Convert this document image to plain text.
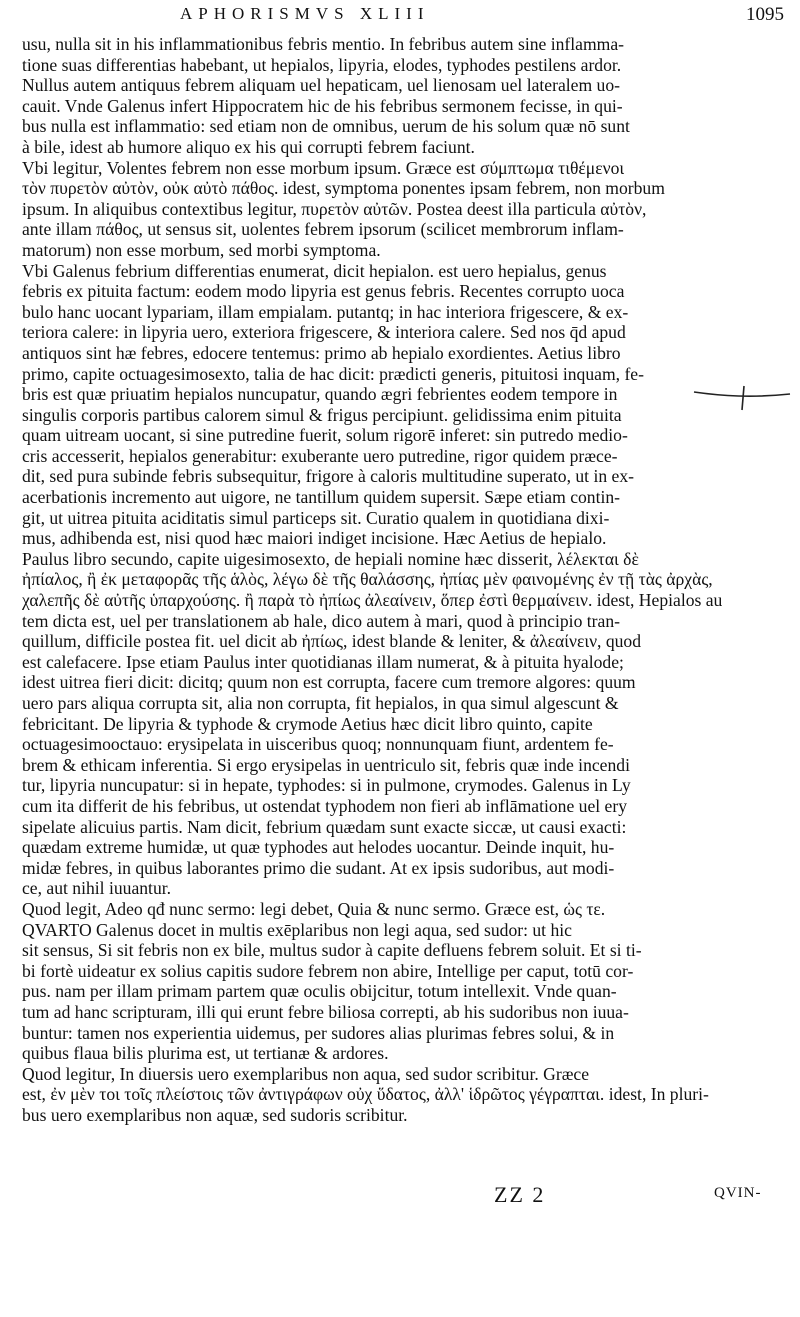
APHORISMVS XLIII	1095
usu, nulla sit in his inflammationibus febris mentio. In febribus autem sine inflamma-
tione suas differentias habebant, ut hepialos, lipyria, elodes, typhodes pestilens ardor.
Nullus autem antiquus febrem aliquam uel hepaticam, uel lienosam uel lateralem uo-
cauit. Vnde Galenus infert Hippocratem hic de his febribus sermonem fecisse, in qui-
bus nulla est inflammatio: sed etiam non de omnibus, uerum de his solum quæ nō sunt
à bile, idest ab humore aliquo ex his qui corrupti febrem faciunt.
Vbi legitur, Volentes febrem non esse morbum ipsum. Græce est σύμπτωμα τιθέμενοι
τὸν πυρετὸν αὐτὸν, οὐκ αὐτὸ πάθος. idest, symptoma ponentes ipsam febrem, non morbum
ipsum. In aliquibus contextibus legitur, πυρετὸν αὐτῶν. Postea deest illa particula αὐτὸν,
ante illam πάθος, ut sensus sit, uolentes febrem ipsorum (scilicet membrorum inflam-
matorum) non esse morbum, sed morbi symptoma.
Vbi Galenus febrium differentias enumerat, dicit hepialon. est uero hepialus, genus
febris ex pituita factum: eodem modo lipyria est genus febris. Recentes corrupto uoca
bulo hanc uocant lypariam, illam empialam. putantq; in hac interiora frigescere, & ex-
teriora calere: in lipyria uero, exteriora frigescere, & interiora calere. Sed nos q̄d apud
antiquos sint hæ febres, edocere tentemus: primo ab hepialo exordientes. Aetius libro
primo, capite octuagesimosexto, talia de hac dicit: prædicti generis, pituitosi inquam, fe-
bris est quæ priuatim hepialos nuncupatur, quando ægri febrientes eodem tempore in
singulis corporis partibus calorem simul & frigus percipiunt. gelidissima enim pituita
quam uitream uocant, si sine putredine fuerit, solum rigorē inferet: sin putredo medio-
cris accesserit, hepialos generabitur: exuberante uero putredine, rigor quidem præce-
dit, sed pura subinde febris subsequitur, frigore à caloris multitudine superato, ut in ex-
acerbationis incremento aut uigore, ne tantillum quidem supersit. Sæpe etiam contin-
git, ut uitrea pituita aciditatis simul particeps sit. Curatio qualem in quotidiana dixi-
mus, adhibenda est, nisi quod hæc maiori indiget incisione. Hæc Aetius de hepialo.
Paulus libro secundo, capite uigesimosexto, de hepiali nomine hæc disserit, λέλεκται δὲ
ἠπίαλος, ἢ ἐκ μεταφορᾶς τῆς ἁλὸς, λέγω δὲ τῆς θαλάσσης, ἠπίας μὲν φαινομένης ἐν τῇ τὰς ἀρχὰς,
χαλεπῆς δὲ αὐτῆς ὑπαρχούσης. ἢ παρὰ τὸ ἠπίως ἀλεαίνειν, ὅπερ ἐστὶ θερμαίνειν. idest, Hepialos au
tem dicta est, uel per translationem ab hale, dico autem à mari, quod à principio tran-
quillum, difficile postea fit. uel dicit ab ἠπίως, idest blande & leniter, & ἀλεαίνειν, quod
est calefacere. Ipse etiam Paulus inter quotidianas illam numerat, & à pituita hyalode;
idest uitrea fieri dicit: dicitq; quum non est corrupta, facere cum tremore algores: quum
uero pars aliqua corrupta sit, alia non corrupta, fit hepialos, in qua simul algescunt &
febricitant. De lipyria & typhode & crymode Aetius hæc dicit libro quinto, capite
octuagesimooctauo: erysipelata in uisceribus quoq; nonnunquam fiunt, ardentem fe-
brem & ethicam inferentia. Si ergo erysipelas in uentriculo sit, febris quæ inde incendi
tur, lipyria nuncupatur: si in hepate, typhodes: si in pulmone, crymodes. Galenus in Ly
cum ita differit de his febribus, ut ostendat typhodem non fieri ab inflāmatione uel ery
sipelate alicuius partis. Nam dicit, febrium quædam sunt exacte siccæ, ut causi exacti:
quædam extreme humidæ, ut quæ typhodes aut helodes uocantur. Deinde inquit, hu-
midæ febres, in quibus laborantes primo die sudant. At ex ipsis sudoribus, aut modi-
ce, aut nihil iuuantur.
Quod legit, Adeo qđ nunc sermo: legi debet, Quia & nunc sermo. Græce est, ὡς τε.
QVARTO Galenus docet in multis exēplaribus non legi aqua, sed sudor: ut hic
sit sensus, Si sit febris non ex bile, multus sudor à capite defluens febrem soluit. Et si ti-
bi fortè uideatur ex solius capitis sudore febrem non abire, Intellige per caput, totū cor-
pus. nam per illam primam partem quæ oculis obijcitur, totum intellexit. Vnde quan-
tum ad hanc scripturam, illi qui erunt febre biliosa correpti, ab his sudoribus non iuua-
buntur: tamen nos experientia uidemus, per sudores alias plurimas febres solui, & in
quibus flaua bilis plurima est, ut tertianæ & ardores.
Quod legitur, In diuersis uero exemplaribus non aqua, sed sudor scribitur. Græce
est, ἐν μὲν τοι τοῖς πλείστοις τῶν ἀντιγράφων οὐχ ὕδατος, ἀλλ' ἱδρῶτος γέγραπται. idest, In pluri-
bus uero exemplaribus non aquæ, sed sudoris scribitur.
ZZ 2	QVIN-
